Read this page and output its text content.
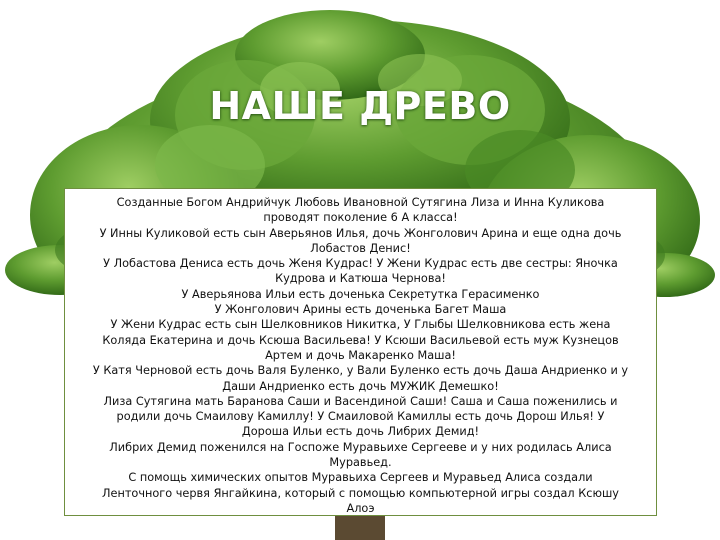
НАШЕ ДРЕВО
Созданные Богом Андрийчук Любовь Ивановной Сутягина Лиза и Инна Куликова
проводят поколение 6 А класса!
У Инны Куликовой есть сын Аверьянов Илья, дочь Жонголович Арина и еще одна дочь
Лобастов Денис!
У Лобастова Дениса есть дочь Женя Кудрас! У Жени Кудрас есть две сестры: Яночка
Кудрова и Катюша Чернова!
У Аверьянова Ильи есть доченька Секретутка Герасименко
У Жонголович Арины есть доченька Багет Маша
У Жени Кудрас есть сын Шелковников Никитка, У Глыбы Шелковникова есть жена
Коляда Екатерина и дочь Ксюша Васильева! У Ксюши Васильевой есть муж Кузнецов
Артем и дочь Макаренко Маша!
У Катя Черновой есть дочь Валя Буленко, у Вали Буленко есть дочь Даша Андриенко и у
Даши Андриенко есть дочь МУЖИК Демешко!
Лиза Сутягина мать Баранова Саши и Васендиной Саши! Саша и Саша поженились и
родили дочь Смаилову Камиллу! У Смаиловой Камиллы есть дочь Дорош Илья! У
Дороша Ильи есть дочь Либрих Демид!
Либрих Демид поженился на Госпоже Муравьихе Сергееве и у них родилась Алиса
Муравьед.
С помощь химических опытов Муравьиха Сергеев и Муравьед Алиса создали
Ленточного червя Янгайкина, который с помощью компьютерной игры создал Ксюшу
Алоэ
